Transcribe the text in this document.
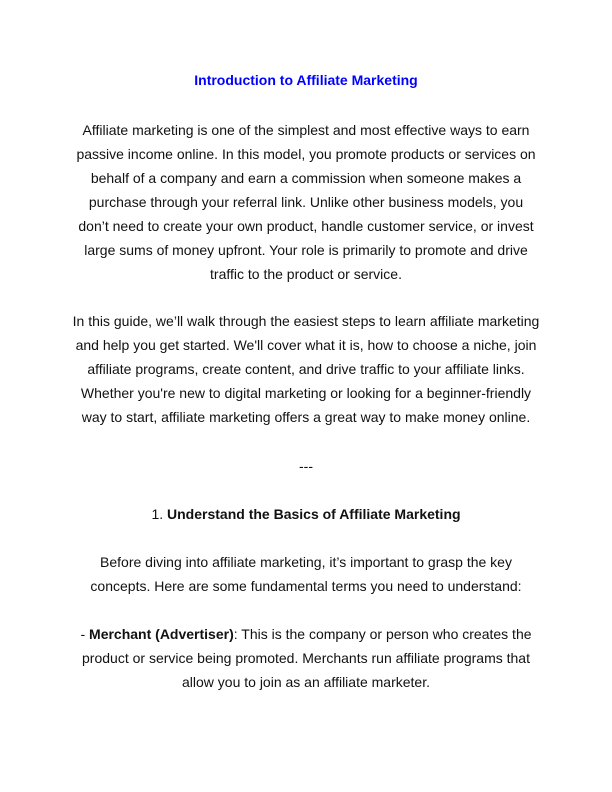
Introduction to Affiliate Marketing
Affiliate marketing is one of the simplest and most effective ways to earn
passive income online. In this model, you promote products or services on
behalf of a company and earn a commission when someone makes a
purchase through your referral link. Unlike other business models, you
don’t need to create your own product, handle customer service, or invest
large sums of money upfront. Your role is primarily to promote and drive
traffic to the product or service.
In this guide, we’ll walk through the easiest steps to learn affiliate marketing
and help you get started. We'll cover what it is, how to choose a niche, join
affiliate programs, create content, and drive traffic to your affiliate links.
Whether you're new to digital marketing or looking for a beginner-friendly
way to start, affiliate marketing offers a great way to make money online.
---
1. Understand the Basics of Affiliate Marketing
Before diving into affiliate marketing, it’s important to grasp the key
concepts. Here are some fundamental terms you need to understand:
- Merchant (Advertiser): This is the company or person who creates the
product or service being promoted. Merchants run affiliate programs that
allow you to join as an affiliate marketer.
